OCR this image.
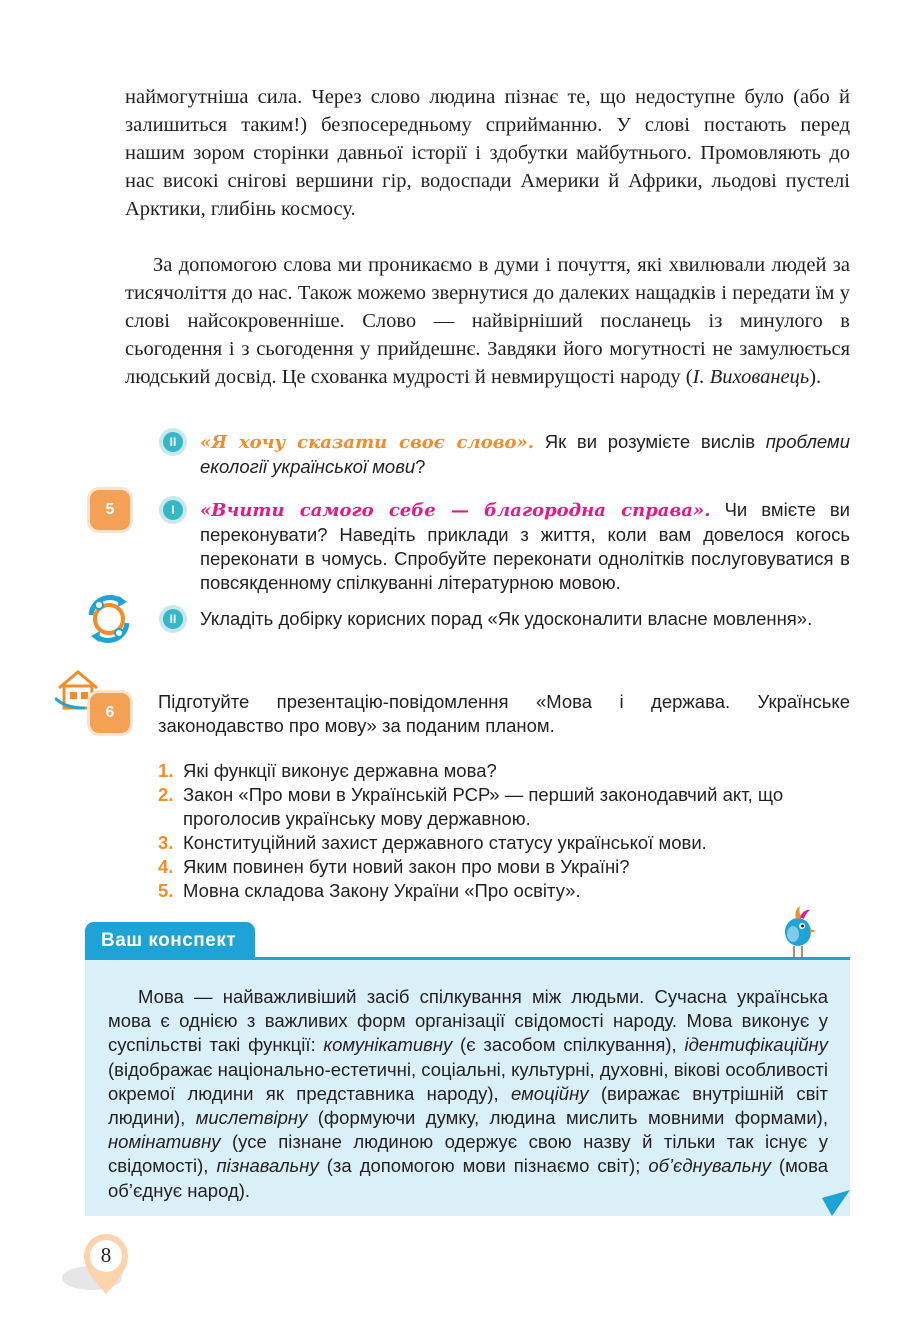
наймогутніша сила. Через слово людина пізнає те, що недоступне було (або й залишиться таким!) безпосередньому сприйманню. У слові постають перед нашим зором сторінки давньої історії і здобутки майбутнього. Промовляють до нас високі снігові вершини гір, водоспади Америки й Африки, льодові пустелі Арктики, глибінь космосу.

За допомогою слова ми проникаємо в думи і почуття, які хвилювали людей за тисячоліття до нас. Також можемо звернутися до далеких нащадків і передати їм у слові найсокровенніше. Слово — найвірніший посланець із минулого в сьогодення і з сьогодення у прийдешнє. Завдяки його могутності не замулюється людський досвід. Це схованка мудрості й невмирущості народу (І. Вихованець).

II	«Я хочу сказати своє слово». Як ви розумієте вислів проблеми екології української мови?

5	I	«Вчити самого себе — благородна справа». Чи вмієте ви переконувати? Наведіть приклади з життя, коли вам довелося когось переконати в чомусь. Спробуйте переконати однолітків послуговуватися в повсякденному спілкуванні літературною мовою.

II	Укладіть добірку корисних порад «Як удосконалити власне мовлення».

6

Підготуйте презентацію-повідомлення «Мова і держава. Українське законодавство про мову» за поданим планом.

1. Які функції виконує державна мова?
2. Закон «Про мови в Українській РСР» — перший законодавчий акт, що проголосив українську мову державною.
3. Конституційний захист державного статусу української мови.
4. Яким повинен бути новий закон про мови в Україні?
5. Мовна складова Закону України «Про освіту».
Ваш конспект

Мова — найважливіший засіб спілкування між людьми. Сучасна українська мова є однією з важливих форм організації свідомості народу. Мова виконує у суспільстві такі функції: комунікативну (є засобом спілкування), ідентифікаційну (відображає національно-естетичні, соціальні, культурні, духовні, вікові особливості окремої людини як представника народу), емоційну (виражає внутрішній світ людини), мислетвірну (формуючи думку, людина мислить мовними формами), номінативну (усе пізнане людиною одержує свою назву й тільки так існує у свідомості), пізнавальну (за допомогою мови пізнаємо світ); об’єднувальну (мова об’єднує народ).

8
